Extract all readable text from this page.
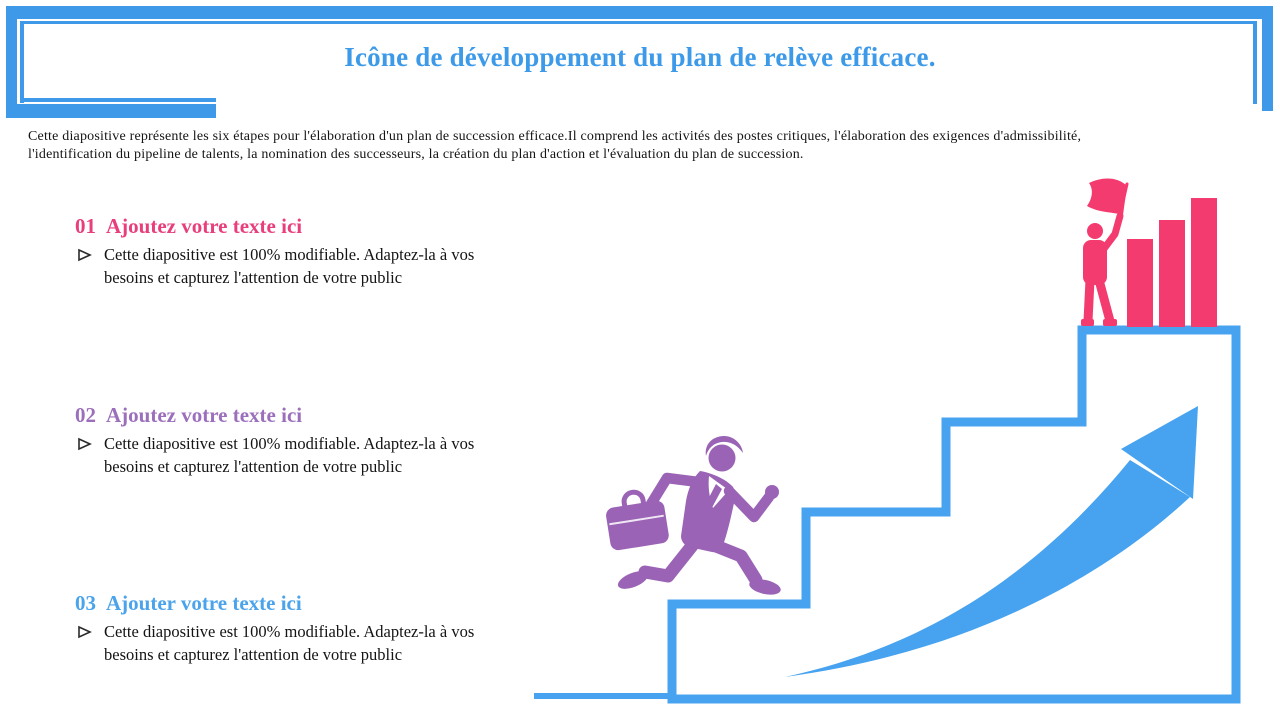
Icône de développement du plan de relève efficace.

Cette diapositive représente les six étapes pour l'élaboration d'un plan de succession efficace.Il comprend les activités des postes critiques, l'élaboration des exigences d'admissibilité,
l'identification du pipeline de talents, la nomination des successeurs, la création du plan d'action et l'évaluation du plan de succession.

01 Ajoutez votre texte ici
Cette diapositive est 100% modifiable. Adaptez-la à vos
besoins et capturez l'attention de votre public
02 Ajoutez votre texte ici
Cette diapositive est 100% modifiable. Adaptez-la à vos
besoins et capturez l'attention de votre public
03 Ajouter votre texte ici
Cette diapositive est 100% modifiable. Adaptez-la à vos
besoins et capturez l'attention de votre public
